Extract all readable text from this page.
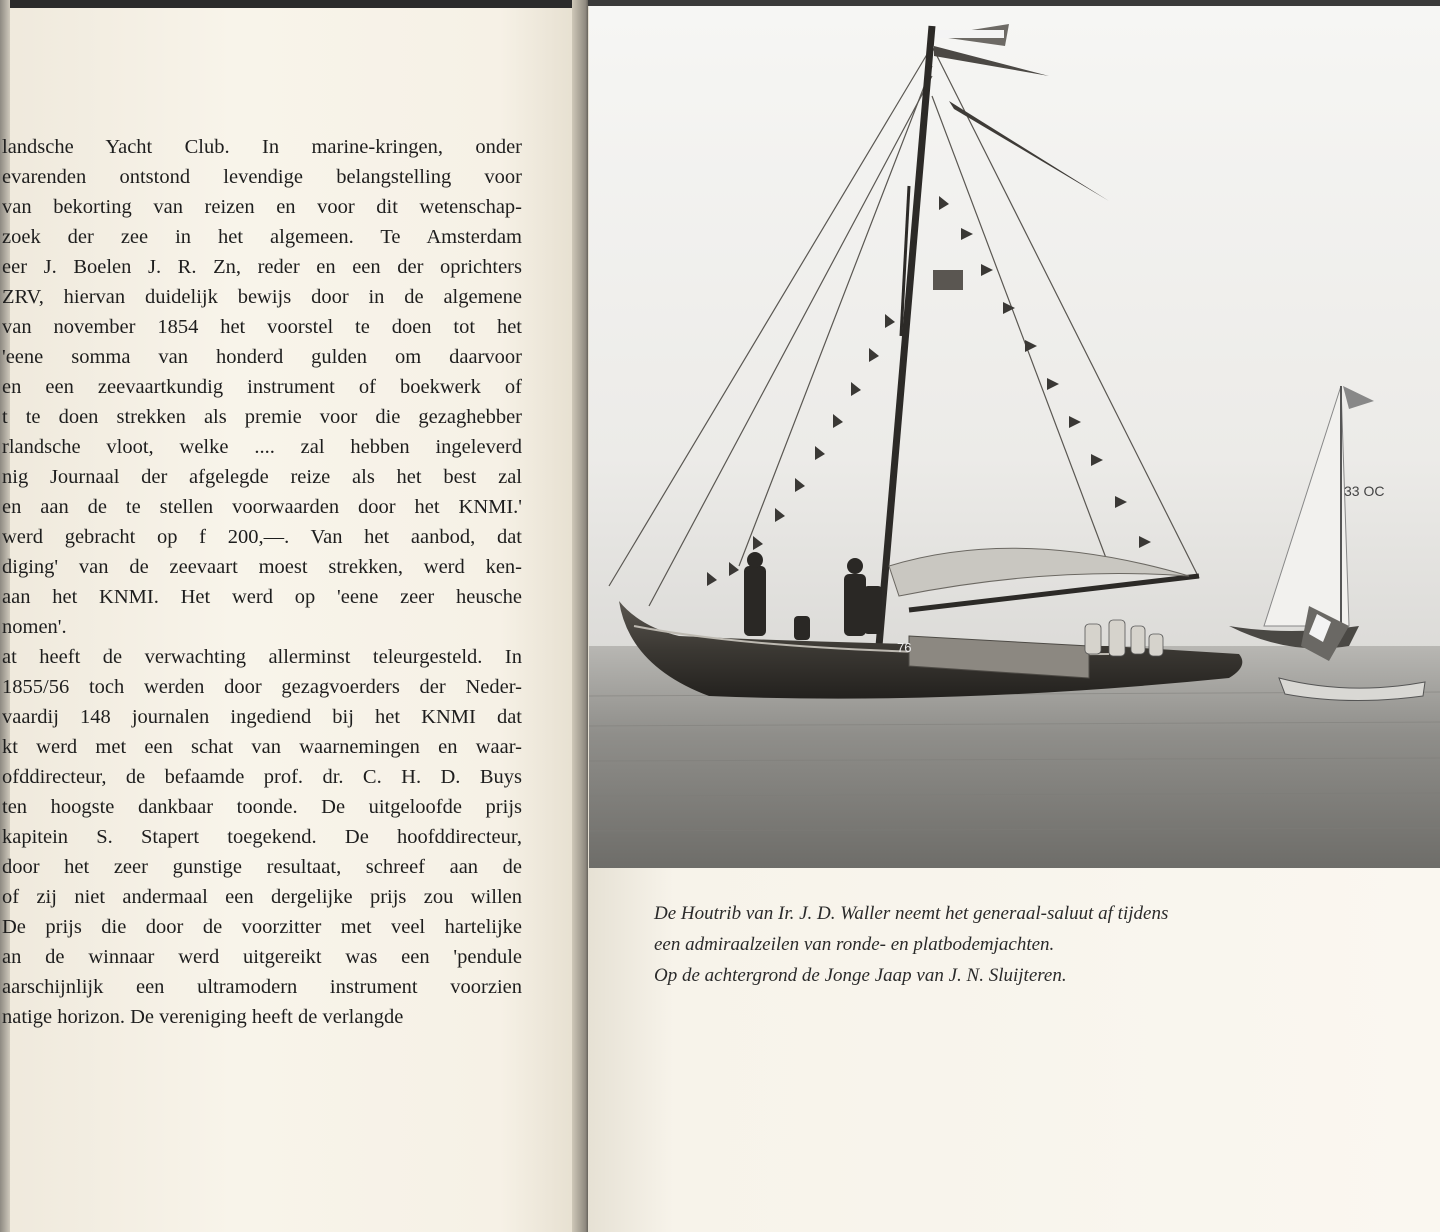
landsche Yacht Club. In marine-kringen, onder
evarenden ontstond levendige belangstelling voor
van bekorting van reizen en voor dit wetenschap-
zoek der zee in het algemeen. Te Amsterdam
eer J. Boelen J. R. Zn, reder en een der oprichters
ZRV, hiervan duidelijk bewijs door in de algemene
van november 1854 het voorstel te doen tot het
'eene somma van honderd gulden om daarvoor
en een zeevaartkundig instrument of boekwerk of
t te doen strekken als premie voor die gezaghebber
rlandsche vloot, welke .... zal hebben ingeleverd
nig Journaal der afgelegde reize als het best zal
en aan de te stellen voorwaarden door het KNMI.'
werd gebracht op f 200,—. Van het aanbod, dat
diging' van de zeevaart moest strekken, werd ken-
aan het KNMI. Het werd op 'eene zeer heusche
nomen'.
at heeft de verwachting allerminst teleurgesteld. In
1855/56 toch werden door gezagvoerders der Neder-
vaardij 148 journalen ingediend bij het KNMI dat
kt werd met een schat van waarnemingen en waar-
ofddirecteur, de befaamde prof. dr. C. H. D. Buys
ten hoogste dankbaar toonde. De uitgeloofde prijs
kapitein S. Stapert toegekend. De hoofddirecteur,
door het zeer gunstige resultaat, schreef aan de
of zij niet andermaal een dergelijke prijs zou willen
De prijs die door de voorzitter met veel hartelijke
an de winnaar werd uitgereikt was een 'pendule
aarschijnlijk een ultramodern instrument voorzien
natige horizon. De vereniging heeft de verlangde
33 OC
76
De Houtrib van Ir. J. D. Waller neemt het generaal-saluut af tijdens
een admiraalzeilen van ronde- en platbodemjachten.
Op de achtergrond de Jonge Jaap van J. N. Sluijteren.
